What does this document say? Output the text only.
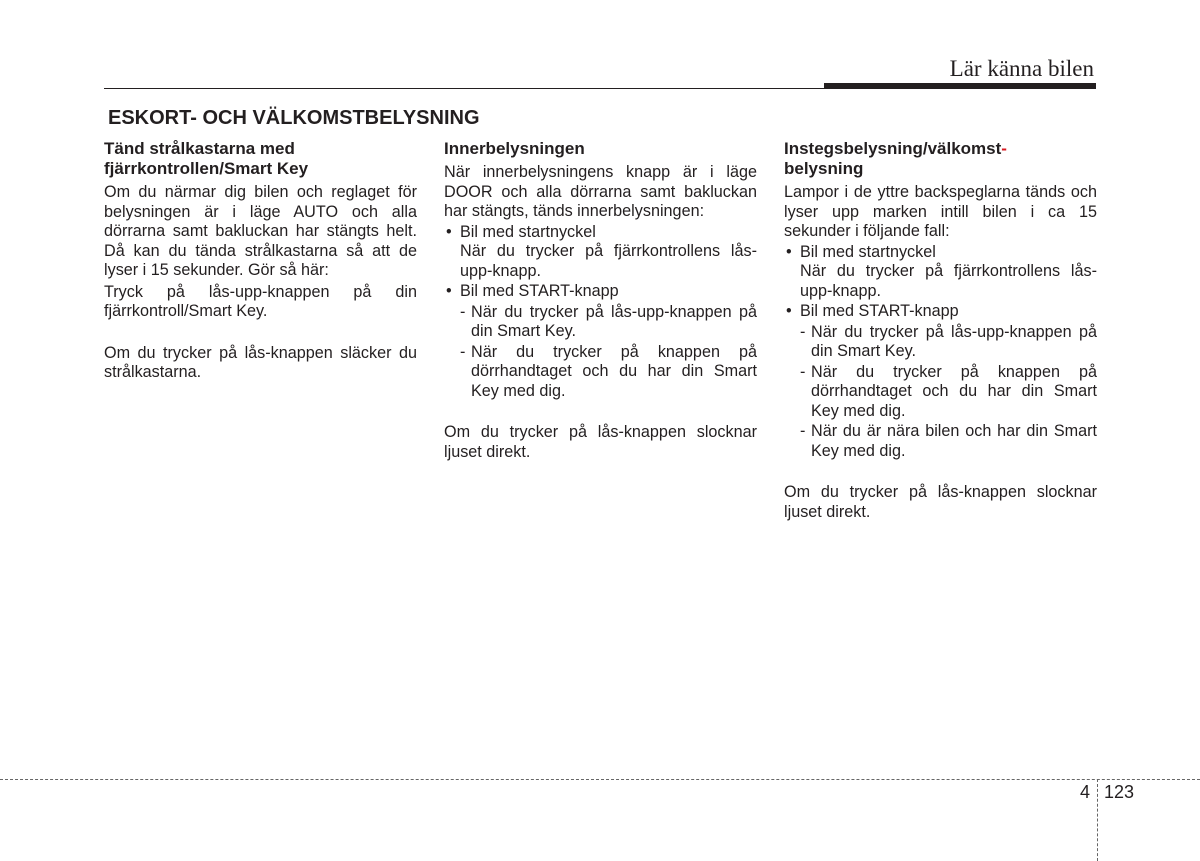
Lär känna bilen
ESKORT- OCH VÄLKOMSTBELYSNING
Tänd strålkastarna med fjärrkontrollen/Smart Key

Om du närmar dig bilen och reglaget för belysningen är i läge AUTO och alla dörrarna samt bakluckan har stängts helt. Då kan du tända strålkastarna så att de lyser i 15 sekunder. Gör så här:

Tryck på lås-upp-knappen på din fjärrkontroll/Smart Key.

Om du trycker på lås-knappen släcker du strålkastarna.

Innerbelysningen

När innerbelysningens knapp är i läge DOOR och alla dörrarna samt bakluckan har stängts, tänds innerbelysningen:

• Bil med startnyckel
När du trycker på fjärrkontrollens lås-upp-knapp.
• Bil med START-knapp
- När du trycker på lås-upp-knappen på din Smart Key.
- När du trycker på knappen på dörrhandtaget och du har din Smart Key med dig.

Om du trycker på lås-knappen slocknar ljuset direkt.

Instegsbelysning/välkomst-
belysning

Lampor i de yttre backspeglarna tänds och lyser upp marken intill bilen i ca 15 sekunder i följande fall:

• Bil med startnyckel
När du trycker på fjärrkontrollens lås-upp-knapp.
• Bil med START-knapp
- När du trycker på lås-upp-knappen på din Smart Key.
- När du trycker på knappen på dörrhandtaget och du har din Smart Key med dig.
- När du är nära bilen och har din Smart Key med dig.

Om du trycker på lås-knappen slocknar ljuset direkt.

4 123
